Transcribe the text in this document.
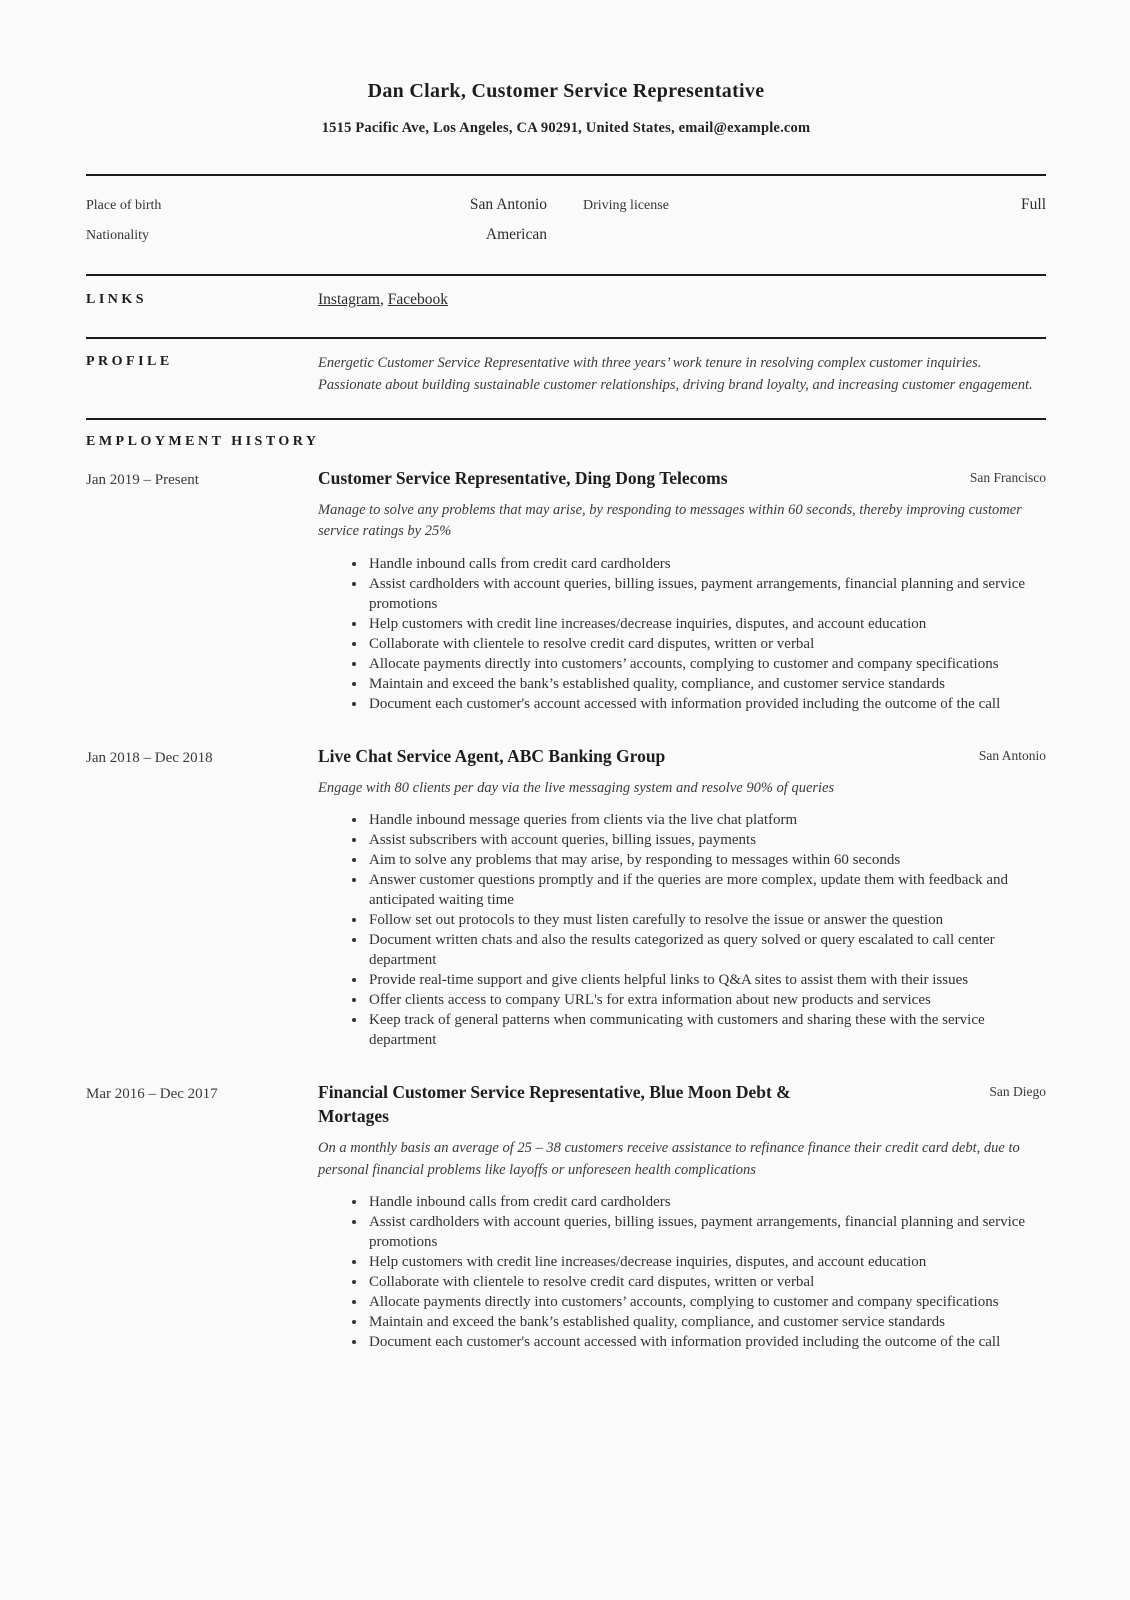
Dan Clark, Customer Service Representative
1515 Pacific Ave, Los Angeles, CA 90291, United States, email@example.com
Place of birth	San Antonio	Driving license	Full
Nationality	American
LINKS	Instagram, Facebook
PROFILE	Energetic Customer Service Representative with three years’ work tenure in resolving complex customer inquiries. Passionate about building sustainable customer relationships, driving brand loyalty, and increasing customer engagement.

EMPLOYMENT HISTORY
Jan 2019 – Present	Customer Service Representative, Ding Dong Telecoms	San Francisco

Manage to solve any problems that may arise, by responding to messages within 60 seconds, thereby improving customer service ratings by 25%

• Handle inbound calls from credit card cardholders
• Assist cardholders with account queries, billing issues, payment arrangements, financial planning and service promotions
• Help customers with credit line increases/decrease inquiries, disputes, and account education
• Collaborate with clientele to resolve credit card disputes, written or verbal
• Allocate payments directly into customers’ accounts, complying to customer and company specifications
• Maintain and exceed the bank’s established quality, compliance, and customer service standards
• Document each customer's account accessed with information provided including the outcome of the call
Jan 2018 – Dec 2018	Live Chat Service Agent, ABC Banking Group	San Antonio

Engage with 80 clients per day via the live messaging system and resolve 90% of queries

• Handle inbound message queries from clients via the live chat platform
• Assist subscribers with account queries, billing issues, payments
• Aim to solve any problems that may arise, by responding to messages within 60 seconds
• Answer customer questions promptly and if the queries are more complex, update them with feedback and anticipated waiting time
• Follow set out protocols to they must listen carefully to resolve the issue or answer the question
• Document written chats and also the results categorized as query solved or query escalated to call center department
• Provide real-time support and give clients helpful links to Q&A sites to assist them with their issues
• Offer clients access to company URL's for extra information about new products and services
• Keep track of general patterns when communicating with customers and sharing these with the service department
Mar 2016 – Dec 2017	Financial Customer Service Representative, Blue Moon Debt & Mortages
San Diego

On a monthly basis an average of 25 – 38 customers receive assistance to refinance finance their credit card debt, due to personal financial problems like layoffs or unforeseen health complications

• Handle inbound calls from credit card cardholders
• Assist cardholders with account queries, billing issues, payment arrangements, financial planning and service promotions
• Help customers with credit line increases/decrease inquiries, disputes, and account education
• Collaborate with clientele to resolve credit card disputes, written or verbal
• Allocate payments directly into customers’ accounts, complying to customer and company specifications
• Maintain and exceed the bank’s established quality, compliance, and customer service standards
• Document each customer's account accessed with information provided including the outcome of the call
